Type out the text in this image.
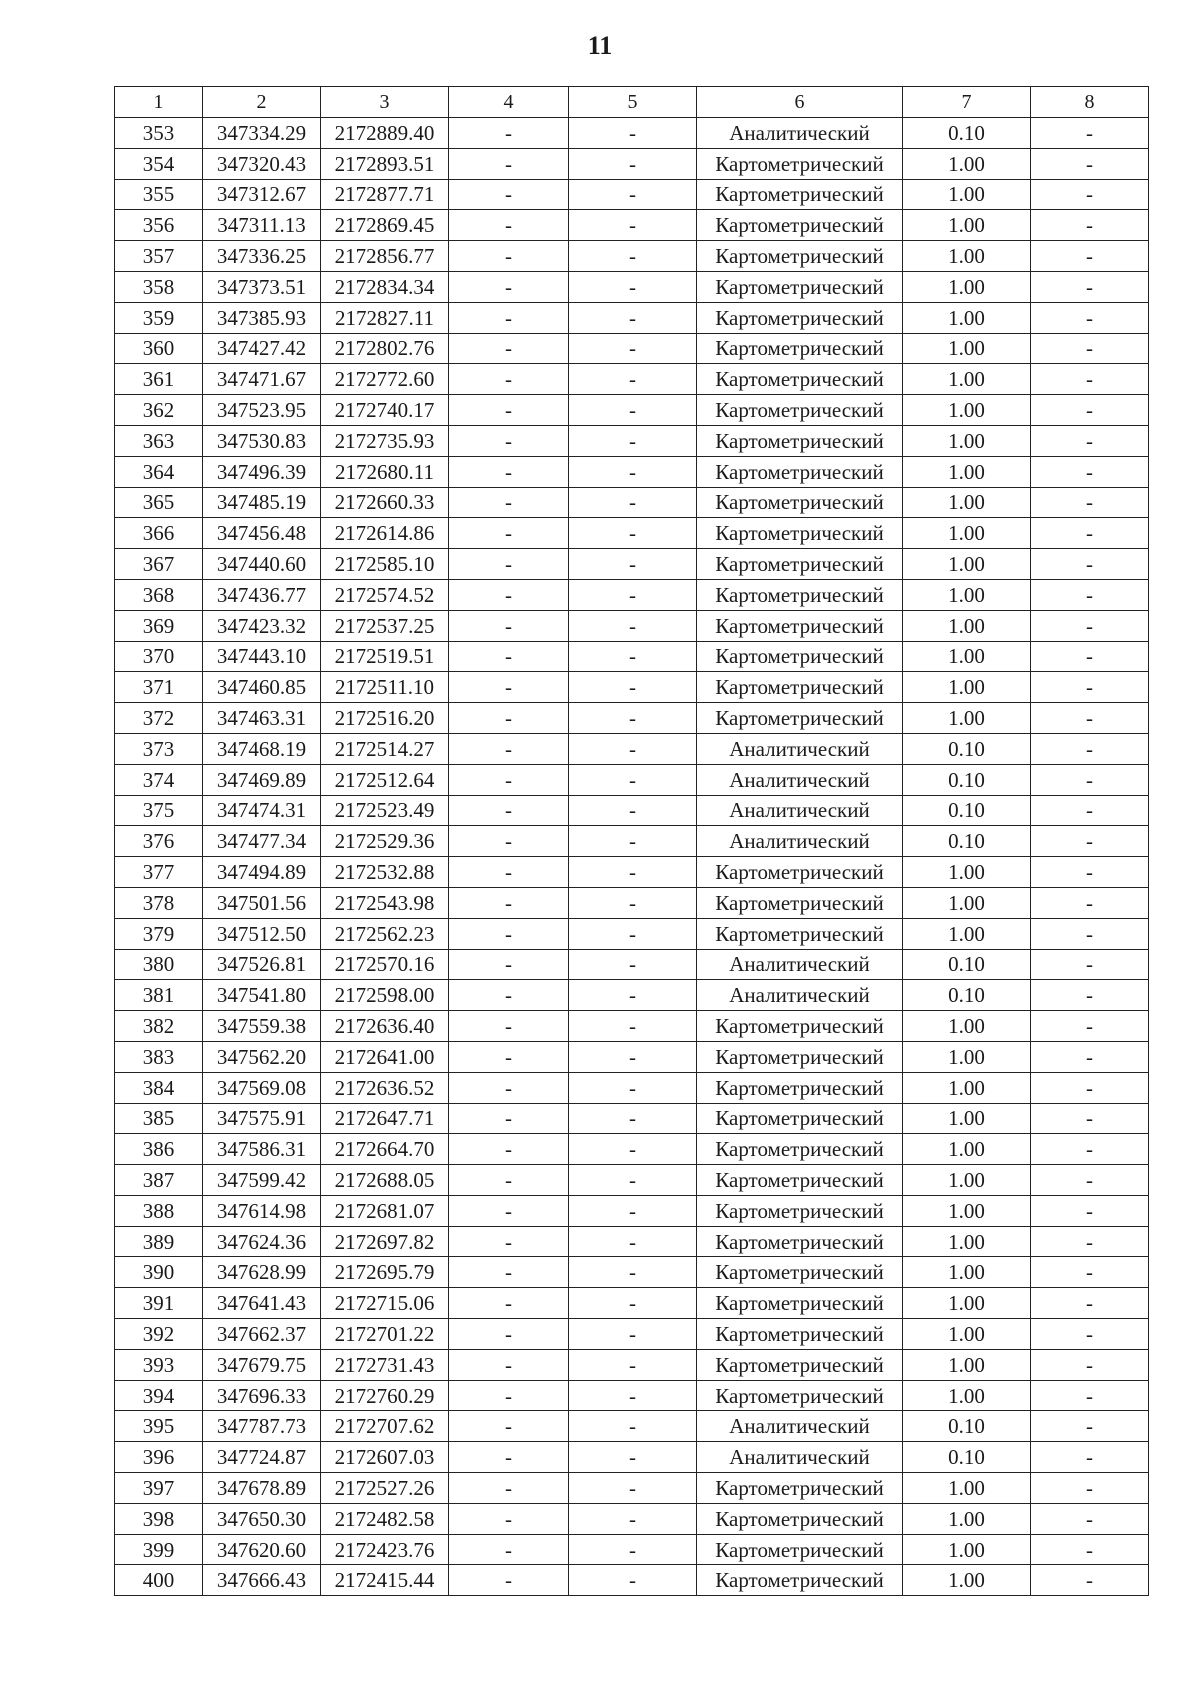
11
1	2	3	4	5	6	7	8
353	347334.29	2172889.40	-	-	Аналитический	0.10	-
354	347320.43	2172893.51	-	-	Картометрический	1.00	-
355	347312.67	2172877.71	-	-	Картометрический	1.00	-
356	347311.13	2172869.45	-	-	Картометрический	1.00	-
357	347336.25	2172856.77	-	-	Картометрический	1.00	-
358	347373.51	2172834.34	-	-	Картометрический	1.00	-
359	347385.93	2172827.11	-	-	Картометрический	1.00	-
360	347427.42	2172802.76	-	-	Картометрический	1.00	-
361	347471.67	2172772.60	-	-	Картометрический	1.00	-
362	347523.95	2172740.17	-	-	Картометрический	1.00	-
363	347530.83	2172735.93	-	-	Картометрический	1.00	-
364	347496.39	2172680.11	-	-	Картометрический	1.00	-
365	347485.19	2172660.33	-	-	Картометрический	1.00	-
366	347456.48	2172614.86	-	-	Картометрический	1.00	-
367	347440.60	2172585.10	-	-	Картометрический	1.00	-
368	347436.77	2172574.52	-	-	Картометрический	1.00	-
369	347423.32	2172537.25	-	-	Картометрический	1.00	-
370	347443.10	2172519.51	-	-	Картометрический	1.00	-
371	347460.85	2172511.10	-	-	Картометрический	1.00	-
372	347463.31	2172516.20	-	-	Картометрический	1.00	-
373	347468.19	2172514.27	-	-	Аналитический	0.10	-
374	347469.89	2172512.64	-	-	Аналитический	0.10	-
375	347474.31	2172523.49	-	-	Аналитический	0.10	-
376	347477.34	2172529.36	-	-	Аналитический	0.10	-
377	347494.89	2172532.88	-	-	Картометрический	1.00	-
378	347501.56	2172543.98	-	-	Картометрический	1.00	-
379	347512.50	2172562.23	-	-	Картометрический	1.00	-
380	347526.81	2172570.16	-	-	Аналитический	0.10	-
381	347541.80	2172598.00	-	-	Аналитический	0.10	-
382	347559.38	2172636.40	-	-	Картометрический	1.00	-
383	347562.20	2172641.00	-	-	Картометрический	1.00	-
384	347569.08	2172636.52	-	-	Картометрический	1.00	-
385	347575.91	2172647.71	-	-	Картометрический	1.00	-
386	347586.31	2172664.70	-	-	Картометрический	1.00	-
387	347599.42	2172688.05	-	-	Картометрический	1.00	-
388	347614.98	2172681.07	-	-	Картометрический	1.00	-
389	347624.36	2172697.82	-	-	Картометрический	1.00	-
390	347628.99	2172695.79	-	-	Картометрический	1.00	-
391	347641.43	2172715.06	-	-	Картометрический	1.00	-
392	347662.37	2172701.22	-	-	Картометрический	1.00	-
393	347679.75	2172731.43	-	-	Картометрический	1.00	-
394	347696.33	2172760.29	-	-	Картометрический	1.00	-
395	347787.73	2172707.62	-	-	Аналитический	0.10	-
396	347724.87	2172607.03	-	-	Аналитический	0.10	-
397	347678.89	2172527.26	-	-	Картометрический	1.00	-
398	347650.30	2172482.58	-	-	Картометрический	1.00	-
399	347620.60	2172423.76	-	-	Картометрический	1.00	-
400	347666.43	2172415.44	-	-	Картометрический	1.00	-
